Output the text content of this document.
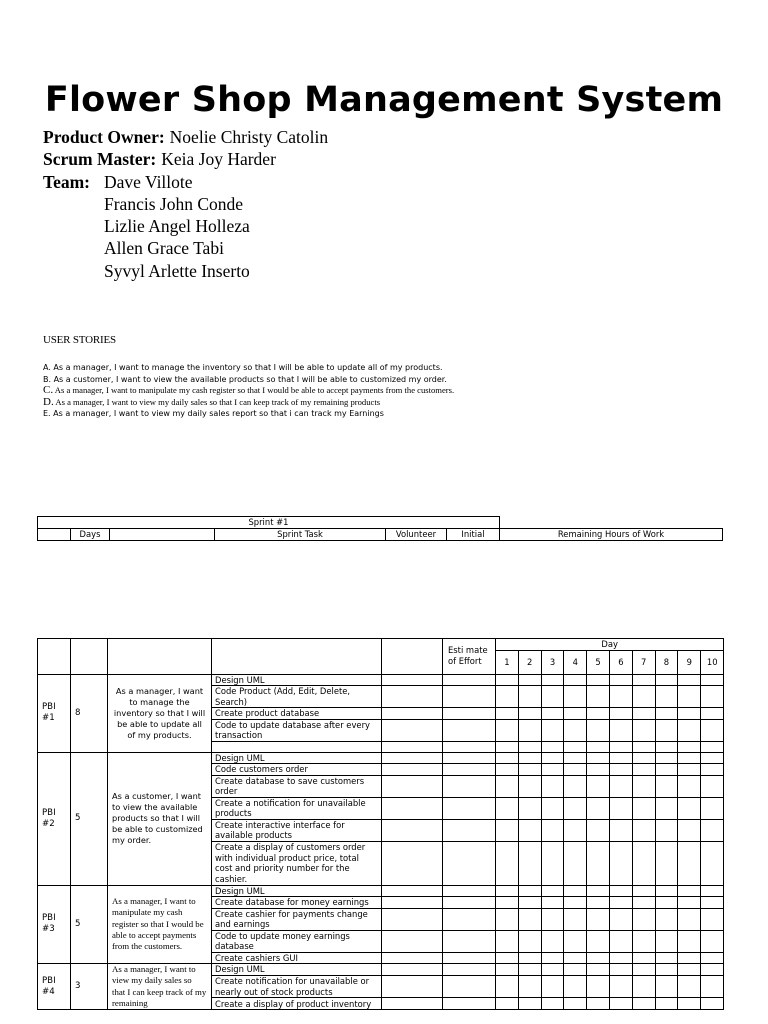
Flower Shop Management System
Product Owner: Noelie Christy Catolin
Scrum Master: Keia Joy Harder
Team: Dave Villote
Francis John Conde
Lizlie Angel Holleza
Allen Grace Tabi
Syvyl Arlette Inserto
USER STORIES
A. As a manager, I want to manage the inventory so that I will be able to update all of my products.
B. As a customer, I want to view the available products so that I will be able to customized my order.
C. As a manager, I want to manipulate my cash register so that I would be able to accept payments from the customers.
D. As a manager, I want to view my daily sales so that I can keep track of my remaining products
E. As a manager, I want to view my daily sales report so that i can track my Earnings
Sprint #1
	Days		Sprint Task	Volunteer	Initial	Remaining Hours of Work
					Esti mate of Effort	Day									
						1	2	3	4	5	6	7	8	9	10
PBI #1	8	As a manager, I want to manage the inventory so that I will be able to update all of my products.	Design UML												
			Code Product (Add, Edit, Delete, Search)												
			Create product database												
			Code to update database after every transaction												

PBI #2	5	As a customer, I want to view the available products so that I will be able to customized my order.	Design UML												
			Code customers order												
			Create database to save customers order												
			Create a notification for unavailable products												
			Create interactive interface for available products												
			Create a display of customers order with individual product price, total cost and priority number for the cashier.												
PBI #3	5	As a manager, I want to manipulate my cash register so that I would be able to accept payments from the customers.	Design UML												
			Create database for money earnings												
			Create cashier for payments change and earnings												
			Code to update money earnings database												
			Create cashiers GUI												
PBI #4	3	As a manager, I want to view my daily sales so that I can keep track of my remaining	Design UML												
			Create notification for unavailable or nearly out of stock products												
			Create a display of product inventory												
